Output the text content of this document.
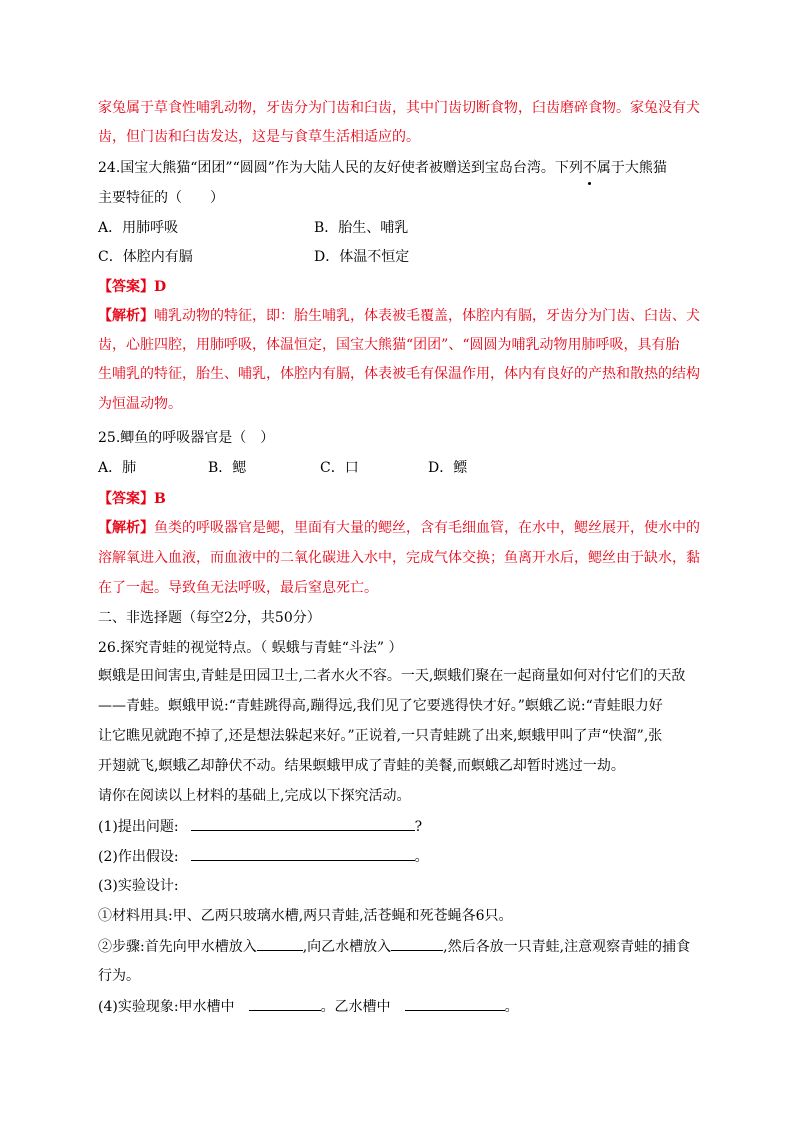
家兔属于草食性哺乳动物，牙齿分为门齿和臼齿，其中门齿切断食物，臼齿磨碎食物。家兔没有犬
齿，但门齿和臼齿发达，这是与食草生活相适应的。
24.国宝大熊猫“团团”“圆圆”作为大陆人民的友好使者被赠送到宝岛台湾。下列不属于大熊猫
主要特征的（　　）
A．用肺呼吸	B．胎生、哺乳
C．体腔内有膈	D．体温不恒定
【答案】D
【解析】哺乳动物的特征，即：胎生哺乳，体表被毛覆盖，体腔内有膈，牙齿分为门齿、臼齿、犬
齿，心脏四腔，用肺呼吸，体温恒定，国宝大熊猫“团团”、“圆圆为哺乳动物用肺呼吸，具有胎
生哺乳的特征，胎生、哺乳，体腔内有膈，体表被毛有保温作用，体内有良好的产热和散热的结构
为恒温动物。
25.鲫鱼的呼吸器官是（　）
A．肺	B．鳃	C．口	D．鳔
【答案】B
【解析】鱼类的呼吸器官是鳃，里面有大量的鳃丝，含有毛细血管，在水中，鳃丝展开，使水中的
溶解氧进入血液，而血液中的二氧化碳进入水中，完成气体交换；鱼离开水后，鳃丝由于缺水，黏
在了一起。导致鱼无法呼吸，最后窒息死亡。
二、非选择题（每空2分，共50分）
26.探究青蛙的视觉特点。（ 蜈蛾与青蛙“斗法” ）
螟蛾是田间害虫,青蛙是田园卫士,二者水火不容。一天,螟蛾们聚在一起商量如何对付它们的天敌
——青蛙。螟蛾甲说:“青蛙跳得高,蹦得远,我们见了它要逃得快才好。”螟蛾乙说:“青蛙眼力好
让它瞧见就跑不掉了,还是想法躲起来好。”正说着,一只青蛙跳了出来,螟蛾甲叫了声“快溜”,张
开翅就飞,螟蛾乙却静伏不动。结果螟蛾甲成了青蛙的美餐,而螟蛾乙却暂时逃过一劫。
请你在阅读以上材料的基础上,完成以下探究活动。
(1)提出问题:	?
(2)作出假设:	。
(3)实验设计:
①材料用具:甲、乙两只玻璃水槽,两只青蛙,活苍蝇和死苍蝇各6只。
②步骤:首先向甲水槽放入	,向乙水槽放入	,然后各放一只青蛙,注意观察青蛙的捕食
行为。
(4)实验现象:甲水槽中	。乙水槽中	。
